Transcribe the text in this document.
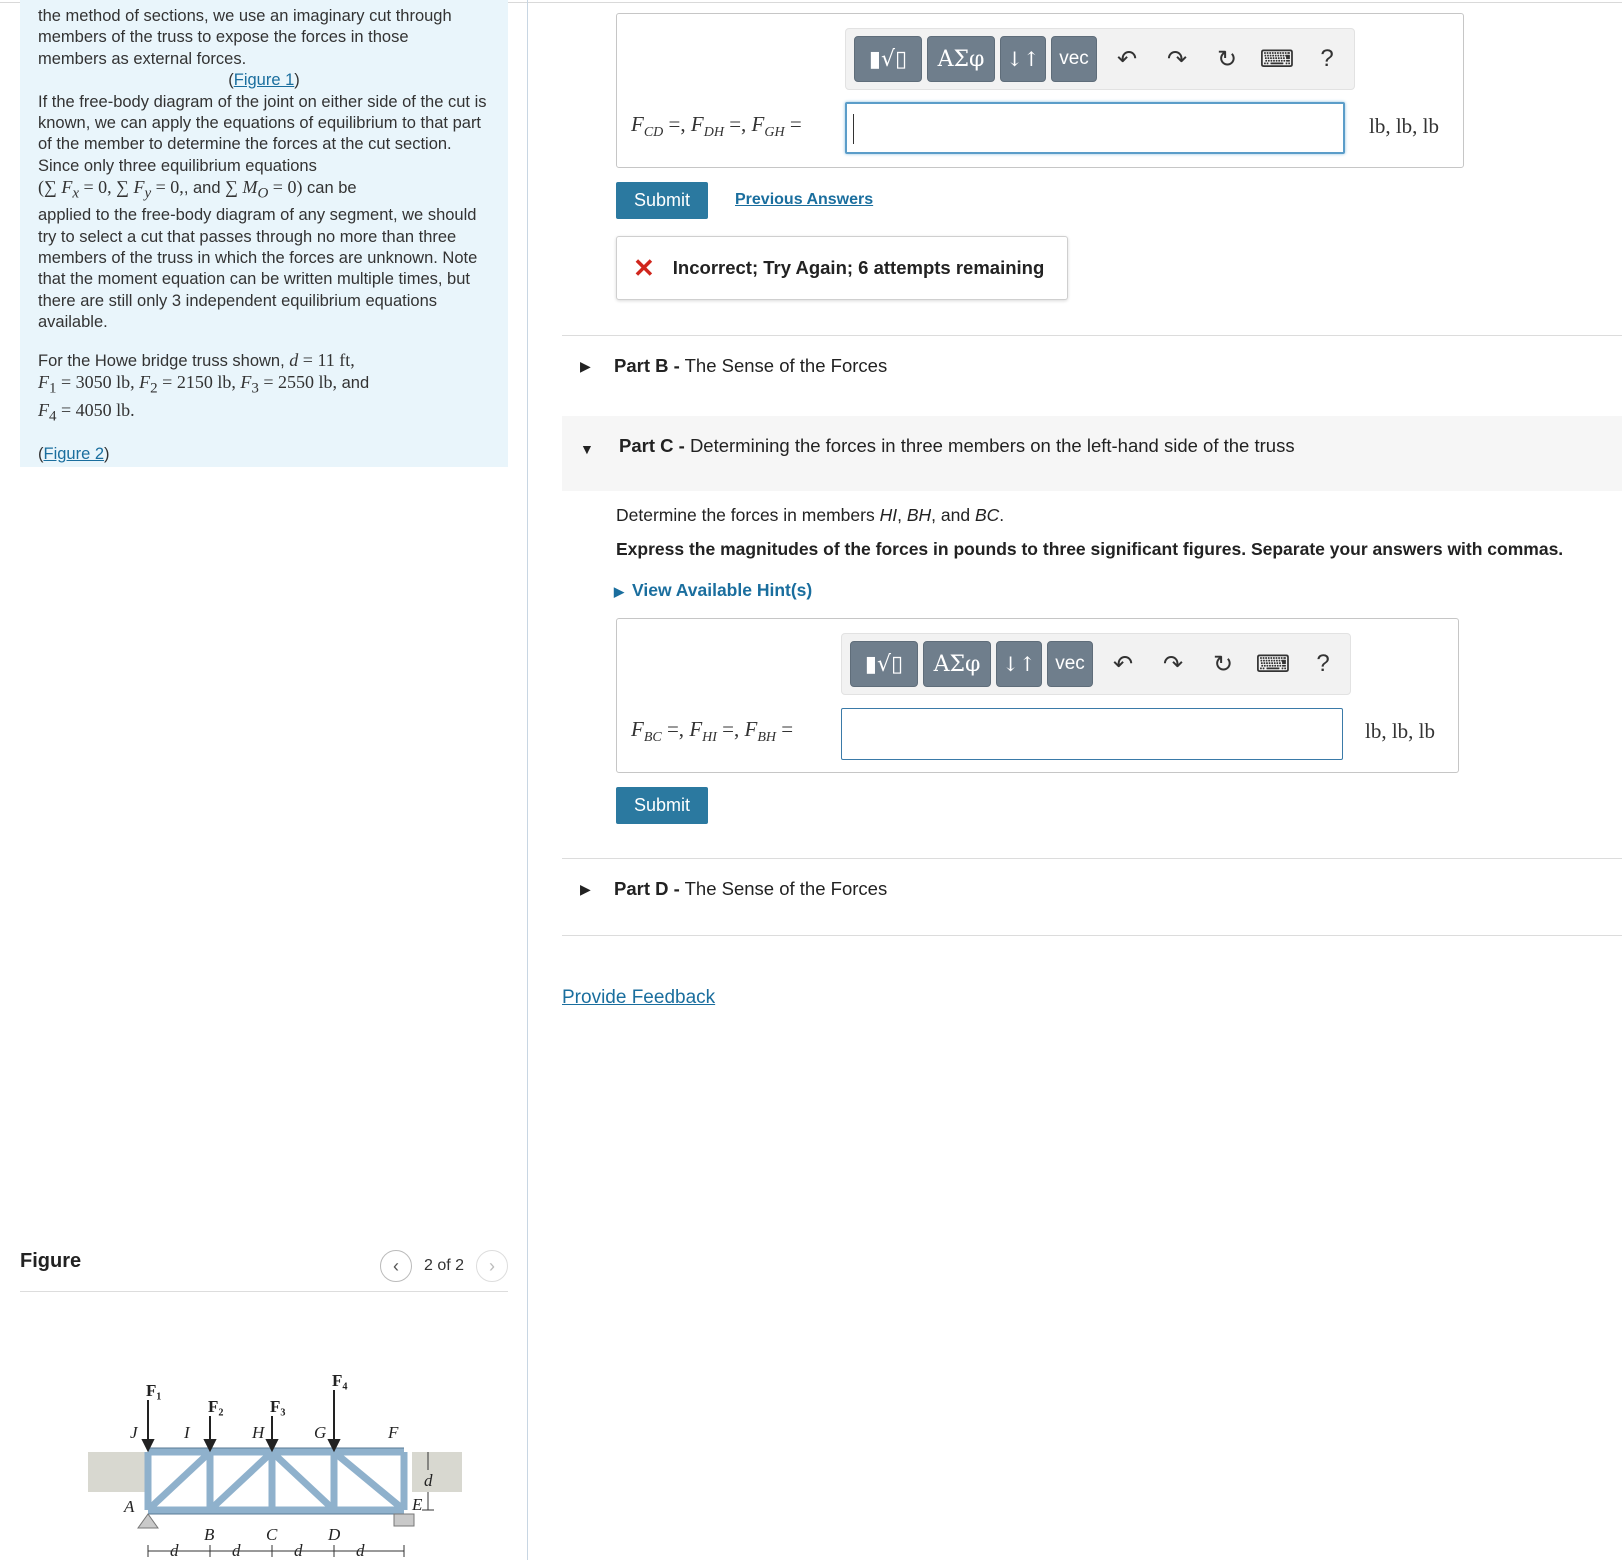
the method of sections, we use an imaginary cut through

members of the truss to expose the forces in those

members as external forces.

(Figure 1)

If the free-body diagram of the joint on either side of the cut is known, we can apply the equations of equilibrium to that part of the member to determine the forces at the cut section. Since only three equilibrium equations

(∑ $F_x = 0$, ∑ $F_y = 0$,, and ∑ $M_O = 0$) can be

applied to the free-body diagram of any segment, we should try to select a cut that passes through no more than three members of the truss in which the forces are unknown. Note that the moment equation can be written multiple times, but there are still only 3 independent equilibrium equations available.

For the Howe bridge truss shown, d = 11 ft,
$F_1 = 3050$ lb, $F_2 = 2150$ lb, $F_3 = 2550$ lb, and
$F_4 = 4050$ lb.

(Figure 2)

Figure	‹	2 of 2	›
F₁
F₂	F₃
F₄
J	I	H	G	F
A
B	C	D
E
d
d	d	d	d
▮√▯	ΑΣφ	↓↑	vec	↶	↷	↻ ⌨	?
$F_{CD}$ =, $F_{DH}$ =, $F_{GH}$ =	lb, lb, lb
Submit	Previous Answers
✕ Incorrect; Try Again; 6 attempts remaining
▶ Part B - The Sense of the Forces
▼ Part C - Determining the forces in three members on the left-hand side of the truss
Determine the forces in members HI, BH, and BC.
Express the magnitudes of the forces in pounds to three significant figures. Separate your answers with commas.
▶ View Available Hint(s)
▮√▯	ΑΣφ	↓↑	vec	↶	↷	↻ ⌨	?
$F_{BC}$ =, $F_{HI}$ =, $F_{BH}$ =	lb, lb, lb
Submit
▶ Part D - The Sense of the Forces
Provide Feedback
